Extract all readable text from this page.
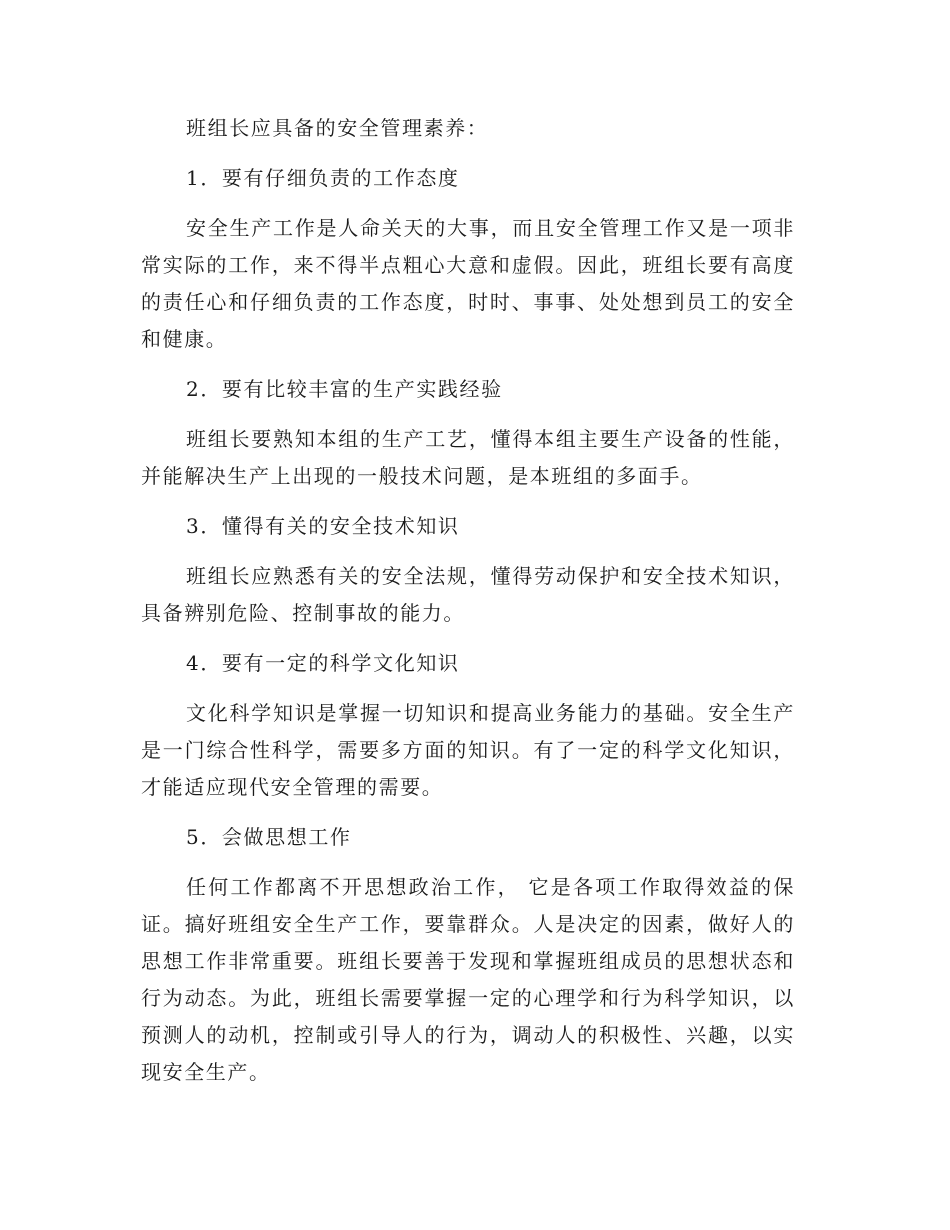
班组长应具备的安全管理素养：

1．要有仔细负责的工作态度

安全生产工作是人命关天的大事，而且安全管理工作又是一项非常实际的工作，来不得半点粗心大意和虚假。因此，班组长要有高度的责任心和仔细负责的工作态度，时时、事事、处处想到员工的安全和健康。

2．要有比较丰富的生产实践经验

班组长要熟知本组的生产工艺，懂得本组主要生产设备的性能，并能解决生产上出现的一般技术问题，是本班组的多面手。

3．懂得有关的安全技术知识

班组长应熟悉有关的安全法规，懂得劳动保护和安全技术知识，具备辨别危险、控制事故的能力。

4．要有一定的科学文化知识

文化科学知识是掌握一切知识和提高业务能力的基础。安全生产是一门综合性科学，需要多方面的知识。有了一定的科学文化知识，才能适应现代安全管理的需要。

5．会做思想工作

任何工作都离不开思想政治工作， 它是各项工作取得效益的保证。搞好班组安全生产工作，要靠群众。人是决定的因素，做好人的思想工作非常重要。班组长要善于发现和掌握班组成员的思想状态和行为动态。为此，班组长需要掌握一定的心理学和行为科学知识，以预测人的动机，控制或引导人的行为，调动人的积极性、兴趣，以实现安全生产。
